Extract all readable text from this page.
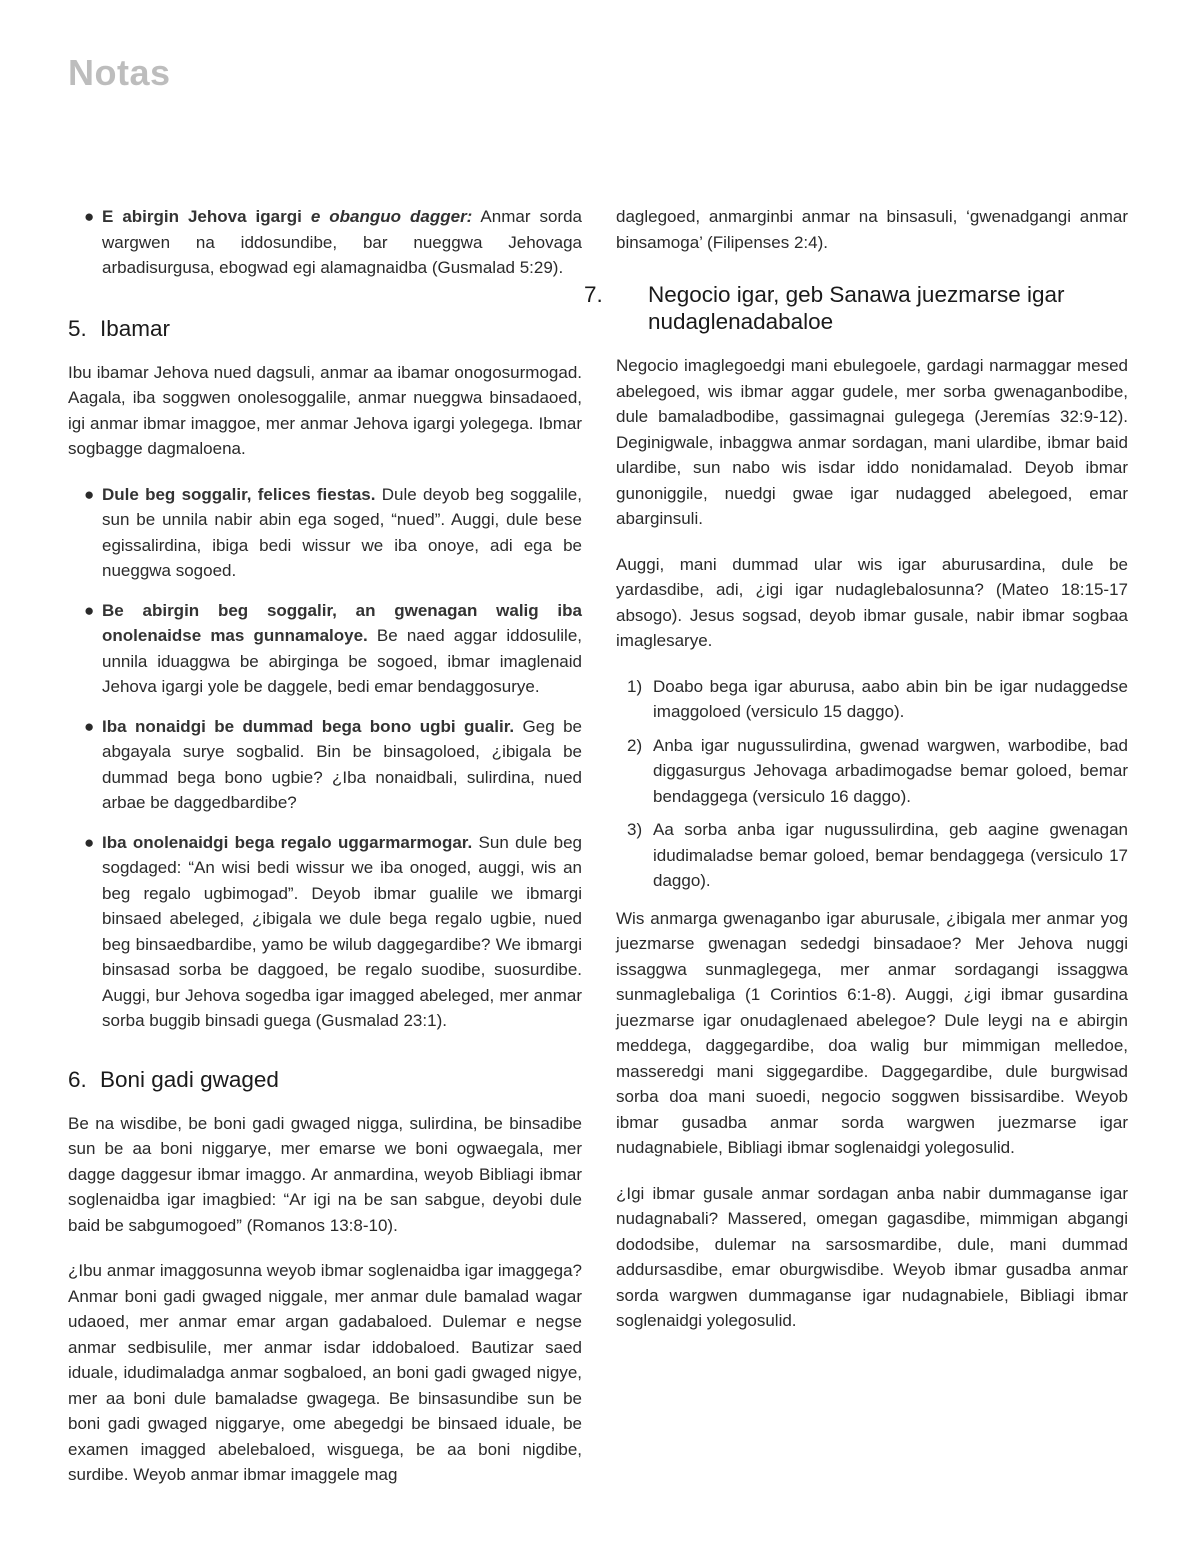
Notas
● E abirgin Jehova igargi e obanguo dagger: Anmar sorda wargwen na iddosundibe, bar nueggwa Jehovaga arbadisurgusa, ebogwad egi alamagnaidba (Gusmalad 5:29).
5. Ibamar

Ibu ibamar Jehova nued dagsuli, anmar aa ibamar onogosurmogad. Aagala, iba soggwen onolesoggalile, anmar nueggwa binsadaoed, igi anmar ibmar imaggoe, mer anmar Jehova igargi yolegega. Ibmar sogbagge dagmaloena.

● Dule beg soggalir, felices fiestas. Dule deyob beg soggalile, sun be unnila nabir abin ega soged, “nued”. Auggi, dule bese egissalirdina, ibiga bedi wissur we iba onoye, adi ega be nueggwa sogoed.
● Be abirgin beg soggalir, an gwenagan walig iba onolenaidse mas gunnamaloye. Be naed aggar iddosulile, unnila iduaggwa be abirginga be sogoed, ibmar imaglenaid Jehova igargi yole be daggele, bedi emar bendaggosurye.
● Iba nonaidgi be dummad bega bono ugbi gualir. Geg be abgayala surye sogbalid. Bin be binsagoloed, ¿ibigala be dummad bega bono ugbie? ¿Iba nonaidbali, sulirdina, nued arbae be daggedbardibe?
● Iba onolenaidgi bega regalo uggarmarmogar. Sun dule beg sogdaged: “An wisi bedi wissur we iba onoged, auggi, wis an beg regalo ugbimogad”. Deyob ibmar gualile we ibmargi binsaed abeleged, ¿ibigala we dule bega regalo ugbie, nued beg binsaedbardibe, yamo be wilub daggegardibe? We ibmargi binsasad sorba be daggoed, be regalo suodibe, suosurdibe. Auggi, bur Jehova sogedba igar imagged abeleged, mer anmar sorba buggib binsadi guega (Gusmalad 23:1).
6. Boni gadi gwaged

Be na wisdibe, be boni gadi gwaged nigga, sulirdina, be binsadibe sun be aa boni niggarye, mer emarse we boni ogwaegala, mer dagge daggesur ibmar imaggo. Ar anmardina, weyob Bibliagi ibmar soglenaidba igar imagbied: “Ar igi na be san sabgue, deyobi dule baid be sabgumogoed” (Romanos 13:8-10).

¿Ibu anmar imaggosunna weyob ibmar soglenaidba igar imaggega? Anmar boni gadi gwaged niggale, mer anmar dule bamalad wagar udaoed, mer anmar emar argan gadabaloed. Dulemar e negse anmar sedbisulile, mer anmar isdar iddobaloed. Bautizar saed iduale, idudimaladga anmar sogbaloed, an boni gadi gwaged nigye, mer aa boni dule bamaladse gwagega. Be binsasundibe sun be boni gadi gwaged niggarye, ome abegedgi be binsaed iduale, be examen imagged abelebaloed, wisguega, be aa boni nigdibe, surdibe. Weyob anmar ibmar imaggele mag

daglegoed, anmarginbi anmar na binsasuli, ‘gwenadgangi anmar binsamoga’ (Filipenses 2:4).

7. Negocio igar, geb Sanawa juezmarse igar nudaglenadabaloe

Negocio imaglegoedgi mani ebulegoele, gardagi narmaggar mesed abelegoed, wis ibmar aggar gudele, mer sorba gwenaganbodibe, dule bamaladbodibe, gassimagnai gulegega (Jeremías 32:9-12). Deginigwale, inbaggwa anmar sordagan, mani ulardibe, ibmar baid ulardibe, sun nabo wis isdar iddo nonidamalad. Deyob ibmar gunoniggile, nuedgi gwae igar nudagged abelegoed, emar abarginsuli.

Auggi, mani dummad ular wis igar aburusardina, dule be yardasdibe, adi, ¿igi igar nudaglebalosunna? (Mateo 18:15-17 absogo). Jesus sogsad, deyob ibmar gusale, nabir ibmar sogbaa imaglesarye.

1) Doabo bega igar aburusa, aabo abin bin be igar nudaggedse imaggoloed (versiculo 15 daggo).
2) Anba igar nugussulirdina, gwenad wargwen, warbodibe, bad diggasurgus Jehovaga arbadimogadse bemar goloed, bemar bendaggega (versiculo 16 daggo).
3) Aa sorba anba igar nugussulirdina, geb aagine gwenagan idudimaladse bemar goloed, bemar bendaggega (versiculo 17 daggo).

Wis anmarga gwenaganbo igar aburusale, ¿ibigala mer anmar yog juezmarse gwenagan sededgi binsadaoe? Mer Jehova nuggi issaggwa sunmaglegega, mer anmar sordagangi issaggwa sunmaglebaliga (1 Corintios 6:1-8). Auggi, ¿igi ibmar gusardina juezmarse igar onudaglenaed abelegoe? Dule leygi na e abirgin meddega, daggegardibe, doa walig bur mimmigan melledoe, masseredgi mani siggegardibe. Daggegardibe, dule burgwisad sorba doa mani suoedi, negocio soggwen bissisardibe. Weyob ibmar gusadba anmar sorda wargwen juezmarse igar nudagnabiele, Bibliagi ibmar soglenaidgi yolegosulid.

¿Igi ibmar gusale anmar sordagan anba nabir dummaganse igar nudagnabali? Massered, omegan gagasdibe, mimmigan abgangi dododsibe, dulemar na sarsosmardibe, dule, mani dummad addursasdibe, emar oburgwisdibe. Weyob ibmar gusadba anmar sorda wargwen dummaganse igar nudagnabiele, Bibliagi ibmar soglenaidgi yolegosulid.
